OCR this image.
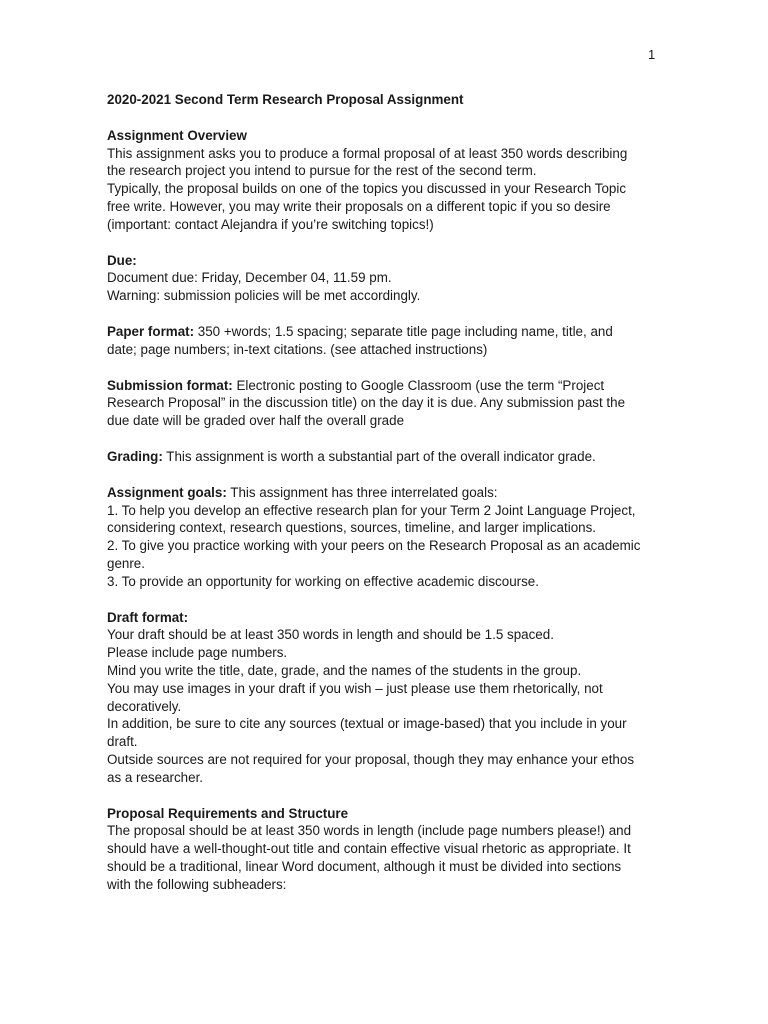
1
2020-2021 Second Term Research Proposal Assignment
Assignment Overview
This assignment asks you to produce a formal proposal of at least 350 words describing
the research project you intend to pursue for the rest of the second term.
Typically, the proposal builds on one of the topics you discussed in your Research Topic
free write. However, you may write their proposals on a different topic if you so desire
(important: contact Alejandra if you’re switching topics!)
Due:
Document due: Friday, December 04, 11.59 pm.
Warning: submission policies will be met accordingly.
Paper format: 350 +words; 1.5 spacing; separate title page including name, title, and
date; page numbers; in-text citations. (see attached instructions)
Submission format: Electronic posting to Google Classroom (use the term “Project
Research Proposal” in the discussion title) on the day it is due. Any submission past the
due date will be graded over half the overall grade
Grading: This assignment is worth a substantial part of the overall indicator grade.
Assignment goals: This assignment has three interrelated goals:
1. To help you develop an effective research plan for your Term 2 Joint Language Project,
considering context, research questions, sources, timeline, and larger implications.
2. To give you practice working with your peers on the Research Proposal as an academic
genre.
3. To provide an opportunity for working on effective academic discourse.
Draft format:
Your draft should be at least 350 words in length and should be 1.5 spaced.
Please include page numbers.
Mind you write the title, date, grade, and the names of the students in the group.
You may use images in your draft if you wish – just please use them rhetorically, not
decoratively.
In addition, be sure to cite any sources (textual or image-based) that you include in your
draft.
Outside sources are not required for your proposal, though they may enhance your ethos
as a researcher.
Proposal Requirements and Structure
The proposal should be at least 350 words in length (include page numbers please!) and
should have a well-thought-out title and contain effective visual rhetoric as appropriate. It
should be a traditional, linear Word document, although it must be divided into sections
with the following subheaders:
